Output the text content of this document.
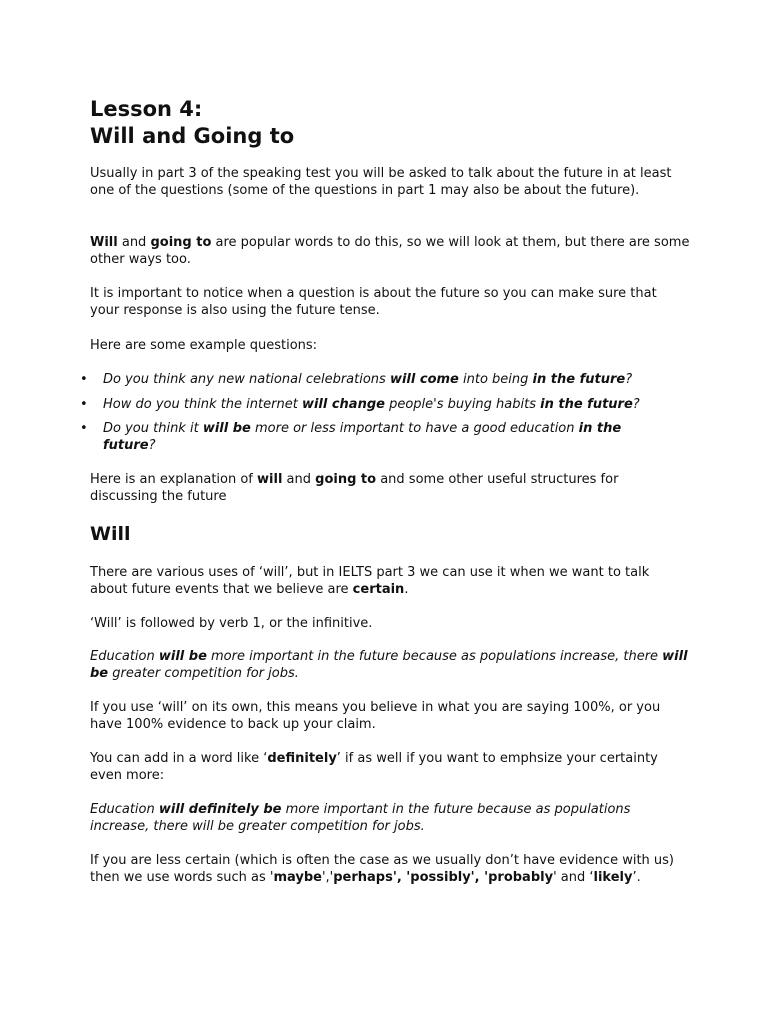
Lesson 4:
Will and Going to

Usually in part 3 of the speaking test you will be asked to talk about the future in at least one of the questions (some of the questions in part 1 may also be about the future).

Will and going to are popular words to do this, so we will look at them, but there are some other ways too.

It is important to notice when a question is about the future so you can make sure that your response is also using the future tense.

Here are some example questions:

• Do you think any new national celebrations will come into being in the future?
• How do you think the internet will change people's buying habits in the future?
• Do you think it will be more or less important to have a good education in the future?

Here is an explanation of will and going to and some other useful structures for discussing the future

Will

There are various uses of ‘will’, but in IELTS part 3 we can use it when we want to talk about future events that we believe are certain.

‘Will’ is followed by verb 1, or the infinitive.

Education will be more important in the future because as populations increase, there will be greater competition for jobs.

If you use ‘will’ on its own, this means you believe in what you are saying 100%, or you have 100% evidence to back up your claim.

You can add in a word like ‘definitely’ if as well if you want to emphsize your certainty even more:

Education will definitely be more important in the future because as populations increase, there will be greater competition for jobs.

If you are less certain (which is often the case as we usually don’t have evidence with us) then we use words such as 'maybe','perhaps', 'possibly', 'probably' and ‘likely’.
